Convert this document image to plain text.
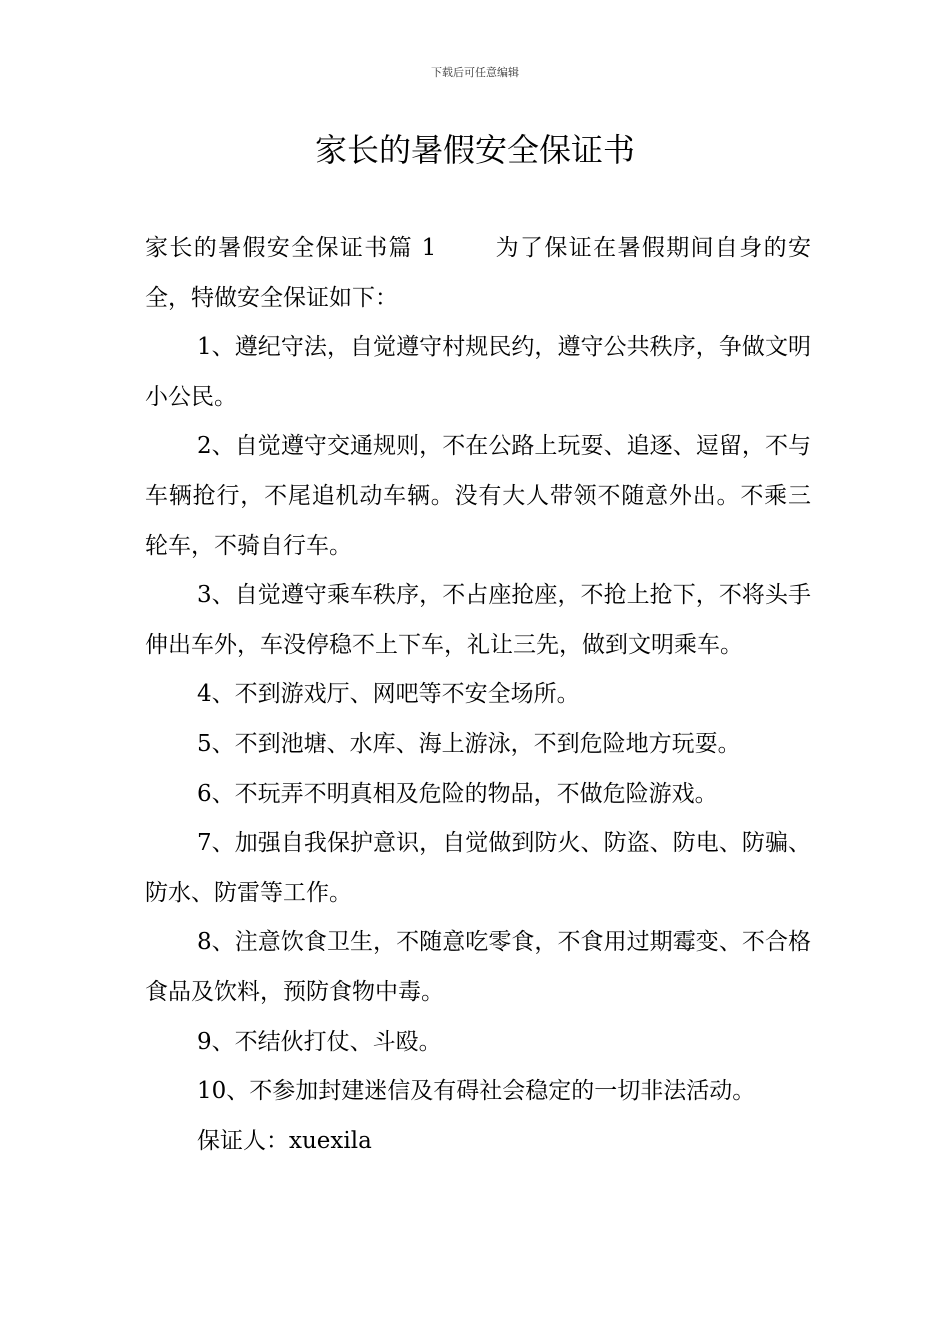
下载后可任意编辑
家长的暑假安全保证书

家长的暑假安全保证书篇 1	为了保证在暑假期间自身的安全，特做安全保证如下：

1、遵纪守法，自觉遵守村规民约，遵守公共秩序，争做文明小公民。

2、自觉遵守交通规则，不在公路上玩耍、追逐、逗留，不与车辆抢行，不尾追机动车辆。没有大人带领不随意外出。不乘三轮车，不骑自行车。

3、自觉遵守乘车秩序，不占座抢座，不抢上抢下，不将头手伸出车外，车没停稳不上下车，礼让三先，做到文明乘车。

4、不到游戏厅、网吧等不安全场所。

5、不到池塘、水库、海上游泳，不到危险地方玩耍。

6、不玩弄不明真相及危险的物品，不做危险游戏。

7、加强自我保护意识，自觉做到防火、防盗、防电、防骗、防水、防雷等工作。

8、注意饮食卫生，不随意吃零食，不食用过期霉变、不合格食品及饮料，预防食物中毒。

9、不结伙打仗、斗殴。

10、不参加封建迷信及有碍社会稳定的一切非法活动。

保证人：xuexila
